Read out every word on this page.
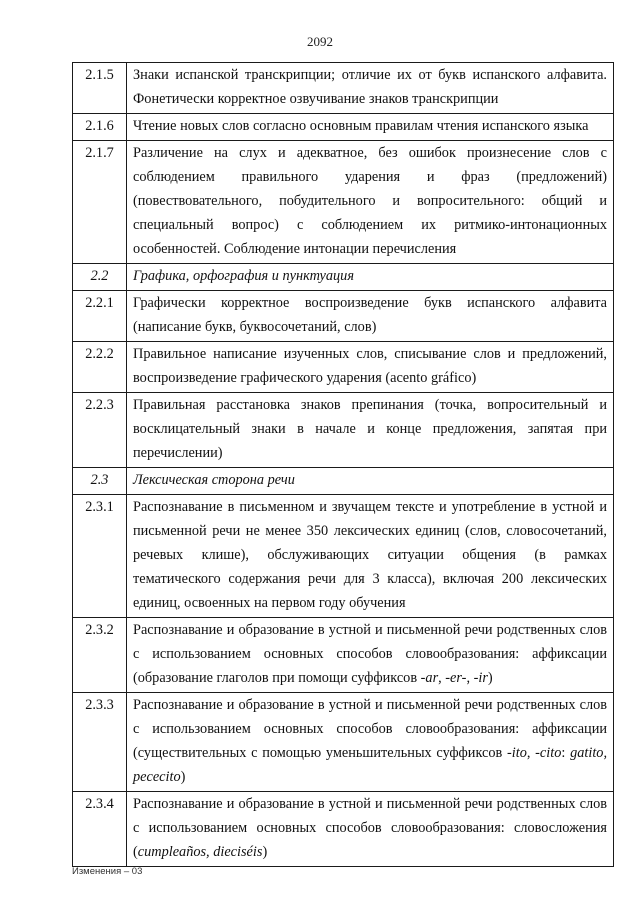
2092
2.1.5	Знаки испанской транскрипции; отличие их от букв испанского алфавита. Фонетически корректное озвучивание знаков транскрипции
2.1.6	Чтение новых слов согласно основным правилам чтения испанского языка
2.1.7	Различение на слух и адекватное, без ошибок произнесение слов с соблюдением правильного ударения и фраз (предложений) (повествовательного, побудительного и вопросительного: общий и специальный вопрос) с соблюдением их ритмико-интонационных особенностей. Соблюдение интонации перечисления
2.2	Графика, орфография и пунктуация
2.2.1	Графически корректное воспроизведение букв испанского алфавита (написание букв, буквосочетаний, слов)
2.2.2	Правильное написание изученных слов, списывание слов и предложений, воспроизведение графического ударения (acento gráfico)
2.2.3	Правильная расстановка знаков препинания (точка, вопросительный и восклицательный знаки в начале и конце предложения, запятая при перечислении)
2.3	Лексическая сторона речи
2.3.1	Распознавание в письменном и звучащем тексте и употребление в устной и письменной речи не менее 350 лексических единиц (слов, словосочетаний, речевых клише), обслуживающих ситуации общения (в рамках тематического содержания речи для 3 класса), включая 200 лексических единиц, освоенных на первом году обучения
2.3.2	Распознавание и образование в устной и письменной речи родственных слов с использованием основных способов словообразования: аффиксации (образование глаголов при помощи суффиксов -ar, -er-, -ir)
2.3.3	Распознавание и образование в устной и письменной речи родственных слов с использованием основных способов словообразования: аффиксации (существительных с помощью уменьшительных суффиксов -ito, -cito: gatito, pececito)
2.3.4	Распознавание и образование в устной и письменной речи родственных слов с использованием основных способов словообразования: словосложения (cumpleaños, dieciséis)
Изменения – 03
